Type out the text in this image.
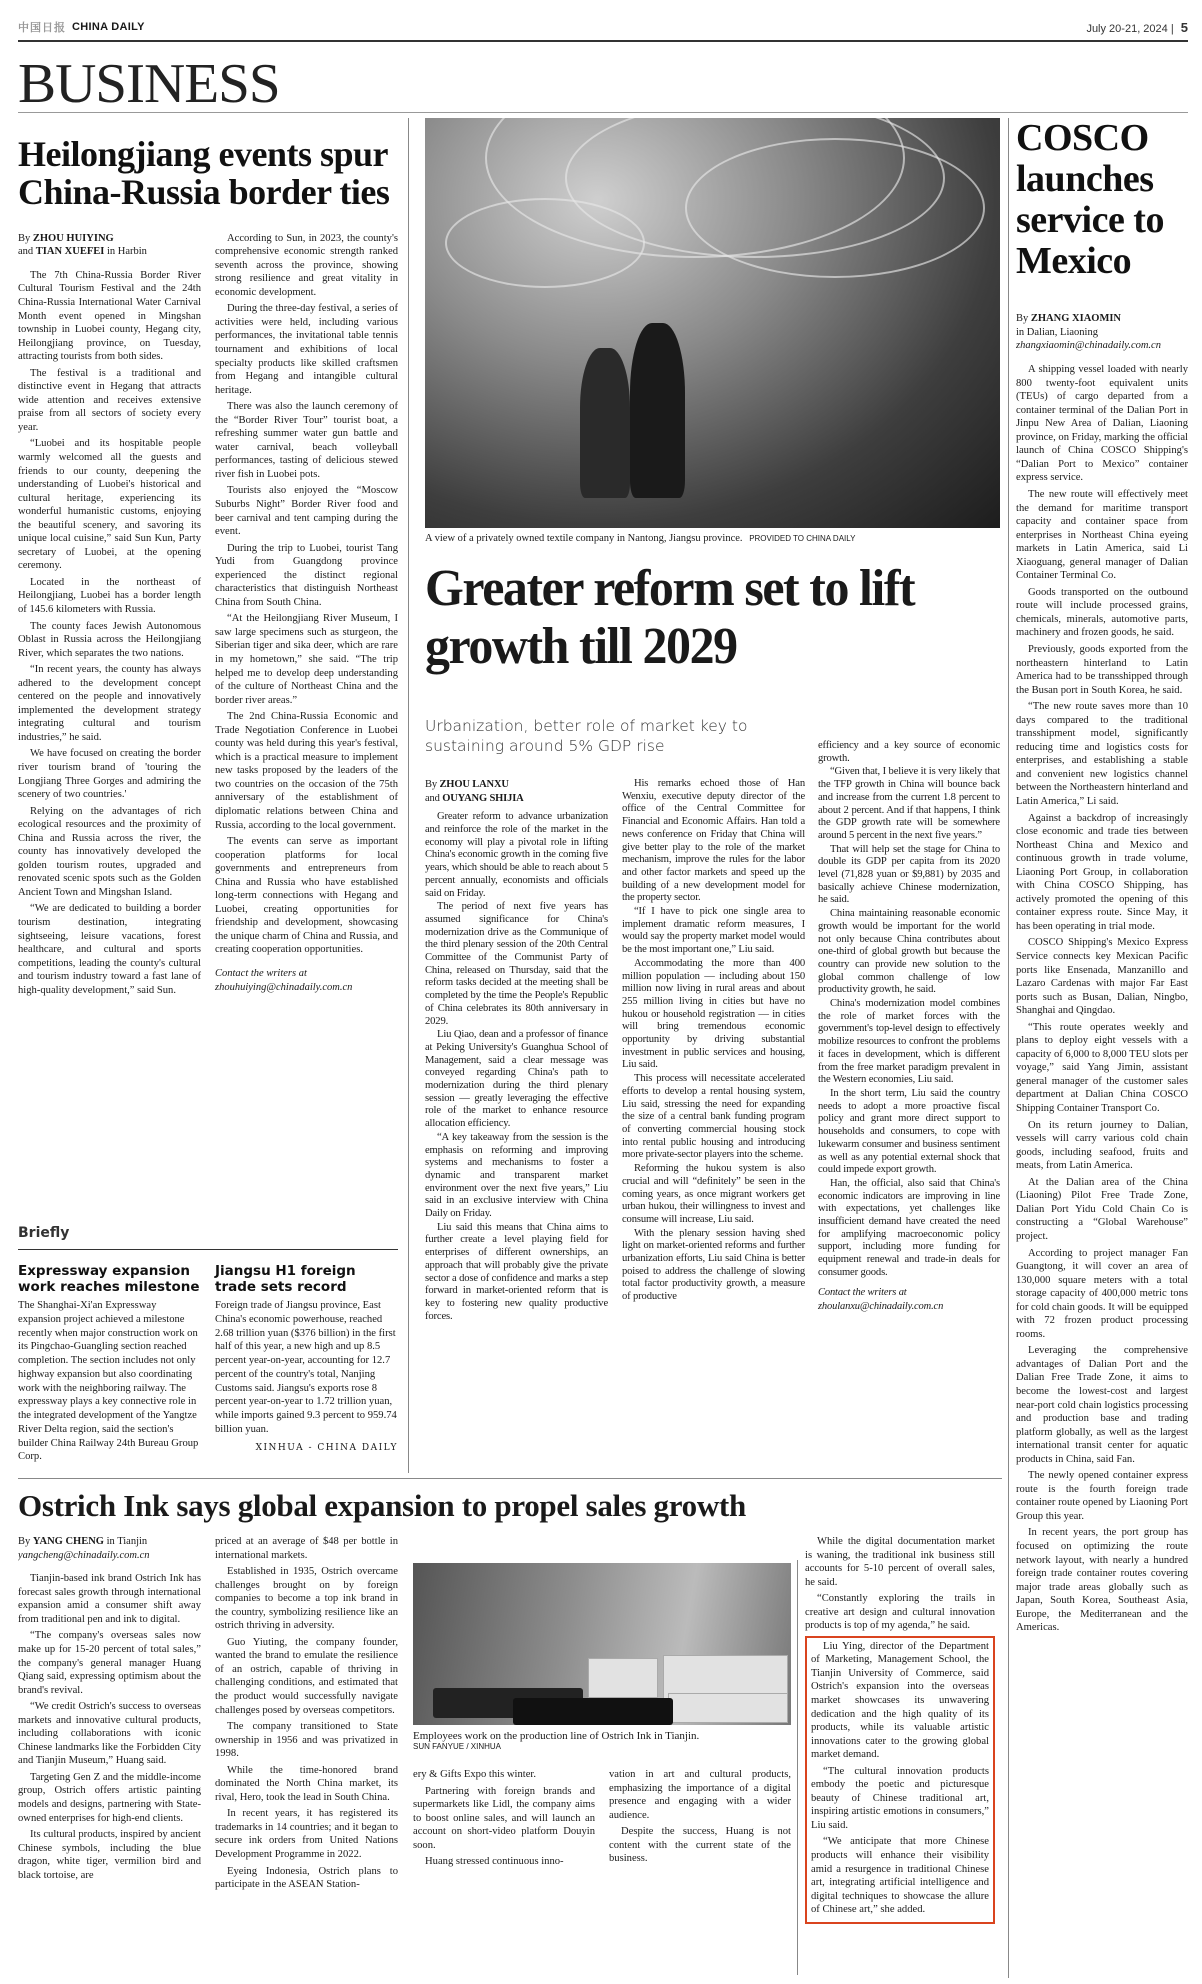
中国日报 CHINA DAILY	July 20-21, 2024 | 5
BUSINESS
Heilongjiang events spur China-Russia border ties
By ZHOU HUIYING
and TIAN XUEFEI in Harbin

The 7th China-Russia Border River Cultural Tourism Festival and the 24th China-Russia International Water Carnival Month event opened in Mingshan township in Luobei county, Hegang city, Heilongjiang province, on Tuesday, attracting tourists from both sides.

The festival is a traditional and distinctive event in Hegang that attracts wide attention and receives extensive praise from all sectors of society every year.

“Luobei and its hospitable people warmly welcomed all the guests and friends to our county, deepening the understanding of Luobei's historical and cultural heritage, experiencing its wonderful humanistic customs, enjoying the beautiful scenery, and savoring its unique local cuisine,” said Sun Kun, Party secretary of Luobei, at the opening ceremony.

Located in the northeast of Heilongjiang, Luobei has a border length of 145.6 kilometers with Russia.

The county faces Jewish Autonomous Oblast in Russia across the Heilongjiang River, which separates the two nations.

“In recent years, the county has always adhered to the development concept centered on the people and innovatively implemented the development strategy integrating cultural and tourism industries,” he said.

We have focused on creating the border river tourism brand of 'touring the Longjiang Three Gorges and admiring the scenery of two countries.'

Relying on the advantages of rich ecological resources and the proximity of China and Russia across the river, the county has innovatively developed the golden tourism routes, upgraded and renovated scenic spots such as the Golden Ancient Town and Mingshan Island.

“We are dedicated to building a border tourism destination, integrating sightseeing, leisure vacations, forest healthcare, and cultural and sports competitions, leading the county's cultural and tourism industry toward a fast lane of high-quality development,” said Sun.

According to Sun, in 2023, the county's comprehensive economic strength ranked seventh across the province, showing strong resilience and great vitality in economic development.

During the three-day festival, a series of activities were held, including various performances, the invitational table tennis tournament and exhibitions of local specialty products like skilled craftsmen from Hegang and intangible cultural heritage.

There was also the launch ceremony of the “Border River Tour” tourist boat, a refreshing summer water gun battle and water carnival, beach volleyball performances, tasting of delicious stewed river fish in Luobei pots.

Tourists also enjoyed the “Moscow Suburbs Night” Border River food and beer carnival and tent camping during the event.

During the trip to Luobei, tourist Tang Yudi from Guangdong province experienced the distinct regional characteristics that distinguish Northeast China from South China.

“At the Heilongjiang River Museum, I saw large specimens such as sturgeon, the Siberian tiger and sika deer, which are rare in my hometown,” she said. “The trip helped me to develop deep understanding of the culture of Northeast China and the border river areas.”

The 2nd China-Russia Economic and Trade Negotiation Conference in Luobei county was held during this year's festival, which is a practical measure to implement new tasks proposed by the leaders of the two countries on the occasion of the 75th anniversary of the establishment of diplomatic relations between China and Russia, according to the local government.

The events can serve as important cooperation platforms for local governments and entrepreneurs from China and Russia who have established long-term connections with Hegang and Luobei, creating opportunities for friendship and development, showcasing the unique charm of China and Russia, and creating cooperation opportunities.

Contact the writers at
zhouhuiying@chinadaily.com.cn
Briefly
Expressway expansion work reaches milestone
The Shanghai-Xi'an Expressway expansion project achieved a milestone recently when major construction work on its Pingchao-Guangling section reached completion. The section includes not only highway expansion but also coordinating work with the neighboring railway. The expressway plays a key connective role in the integrated development of the Yangtze River Delta region, said the section's builder China Railway 24th Bureau Group Corp.
Jiangsu H1 foreign trade sets record
Foreign trade of Jiangsu province, East China's economic powerhouse, reached 2.68 trillion yuan ($376 billion) in the first half of this year, a new high and up 8.5 percent year-on-year, accounting for 12.7 percent of the country's total, Nanjing Customs said. Jiangsu's exports rose 8 percent year-on-year to 1.72 trillion yuan, while imports gained 9.3 percent to 959.74 billion yuan.
XINHUA - CHINA DAILY
A view of a privately owned textile company in Nantong, Jiangsu province. PROVIDED TO CHINA DAILY
Greater reform set to lift growth till 2029
Urbanization, better role of market key to sustaining around 5% GDP rise
By ZHOU LANXU
and OUYANG SHIJIA

Greater reform to advance urbanization and reinforce the role of the market in the economy will play a pivotal role in lifting China's economic growth in the coming five years, which should be able to reach about 5 percent annually, economists and officials said on Friday.

The period of next five years has assumed significance for China's modernization drive as the Communique of the third plenary session of the 20th Central Committee of the Communist Party of China, released on Thursday, said that the reform tasks decided at the meeting shall be completed by the time the People's Republic of China celebrates its 80th anniversary in 2029.

Liu Qiao, dean and a professor of finance at Peking University's Guanghua School of Management, said a clear message was conveyed regarding China's path to modernization during the third plenary session — greatly leveraging the effective role of the market to enhance resource allocation efficiency.

“A key takeaway from the session is the emphasis on reforming and improving systems and mechanisms to foster a dynamic and transparent market environment over the next five years,” Liu said in an exclusive interview with China Daily on Friday.

Liu said this means that China aims to further create a level playing field for enterprises of different ownerships, an approach that will probably give the private sector a dose of confidence and marks a step forward in market-oriented reform that is key to fostering new quality productive forces.

His remarks echoed those of Han Wenxiu, executive deputy director of the office of the Central Committee for Financial and Economic Affairs. Han told a news conference on Friday that China will give better play to the role of the market mechanism, improve the rules for the labor and other factor markets and speed up the building of a new development model for the property sector.

“If I have to pick one single area to implement dramatic reform measures, I would say the property market model would be the most important one,” Liu said.

Accommodating the more than 400 million population — including about 150 million now living in rural areas and about 255 million living in cities but have no hukou or household registration — in cities will bring tremendous economic opportunity by driving substantial investment in public services and housing, Liu said.

This process will necessitate accelerated efforts to develop a rental housing system, Liu said, stressing the need for expanding the size of a central bank funding program of converting commercial housing stock into rental public housing and introducing more private-sector players into the scheme.

Reforming the hukou system is also crucial and will “definitely” be seen in the coming years, as once migrant workers get urban hukou, their willingness to invest and consume will increase, Liu said.

With the plenary session having shed light on market-oriented reforms and further urbanization efforts, Liu said China is better poised to address the challenge of slowing total factor productivity growth, a measure of productive

efficiency and a key source of economic growth.

“Given that, I believe it is very likely that the TFP growth in China will bounce back and increase from the current 1.8 percent to about 2 percent. And if that happens, I think the GDP growth rate will be somewhere around 5 percent in the next five years.”

That will help set the stage for China to double its GDP per capita from its 2020 level (71,828 yuan or $9,881) by 2035 and basically achieve Chinese modernization, he said.

China maintaining reasonable economic growth would be important for the world not only because China contributes about one-third of global growth but because the country can provide new solution to the global common challenge of low productivity growth, he said.

China's modernization model combines the role of market forces with the government's top-level design to effectively mobilize resources to confront the problems it faces in development, which is different from the free market paradigm prevalent in the Western economies, Liu said.

In the short term, Liu said the country needs to adopt a more proactive fiscal policy and grant more direct support to households and consumers, to cope with lukewarm consumer and business sentiment as well as any potential external shock that could impede export growth.

Han, the official, also said that China's economic indicators are improving in line with expectations, yet challenges like insufficient demand have created the need for amplifying macroeconomic policy support, including more funding for equipment renewal and trade-in deals for consumer goods.

Contact the writers at
zhoulanxu@chinadaily.com.cn
COSCO launches service to Mexico
By ZHANG XIAOMIN
in Dalian, Liaoning
zhangxiaomin@chinadaily.com.cn

A shipping vessel loaded with nearly 800 twenty-foot equivalent units (TEUs) of cargo departed from a container terminal of the Dalian Port in Jinpu New Area of Dalian, Liaoning province, on Friday, marking the official launch of China COSCO Shipping's “Dalian Port to Mexico” container express service.

The new route will effectively meet the demand for maritime transport capacity and container space from enterprises in Northeast China eyeing markets in Latin America, said Li Xiaoguang, general manager of Dalian Container Terminal Co.

Goods transported on the outbound route will include processed grains, chemicals, minerals, automotive parts, machinery and frozen goods, he said.

Previously, goods exported from the northeastern hinterland to Latin America had to be transshipped through the Busan port in South Korea, he said.

“The new route saves more than 10 days compared to the traditional transshipment model, significantly reducing time and logistics costs for enterprises, and establishing a stable and convenient new logistics channel between the Northeastern hinterland and Latin America,” Li said.

Against a backdrop of increasingly close economic and trade ties between Northeast China and Mexico and continuous growth in trade volume, Liaoning Port Group, in collaboration with China COSCO Shipping, has actively promoted the opening of this container express route. Since May, it has been operating in trial mode.

COSCO Shipping's Mexico Express Service connects key Mexican Pacific ports like Ensenada, Manzanillo and Lazaro Cardenas with major Far East ports such as Busan, Dalian, Ningbo, Shanghai and Qingdao.

“This route operates weekly and plans to deploy eight vessels with a capacity of 6,000 to 8,000 TEU slots per voyage,” said Yang Jimin, assistant general manager of the customer sales department at Dalian China COSCO Shipping Container Transport Co.

On its return journey to Dalian, vessels will carry various cold chain goods, including seafood, fruits and meats, from Latin America.

At the Dalian area of the China (Liaoning) Pilot Free Trade Zone, Dalian Port Yidu Cold Chain Co is constructing a “Global Warehouse” project.

According to project manager Fan Guangtong, it will cover an area of 130,000 square meters with a total storage capacity of 400,000 metric tons for cold chain goods. It will be equipped with 72 frozen product processing rooms.

Leveraging the comprehensive advantages of Dalian Port and the Dalian Free Trade Zone, it aims to become the lowest-cost and largest near-port cold chain logistics processing and production base and trading platform globally, as well as the largest international transit center for aquatic products in China, said Fan.

The newly opened container express route is the fourth foreign trade container route opened by Liaoning Port Group this year.

In recent years, the port group has focused on optimizing the route network layout, with nearly a hundred foreign trade container routes covering major trade areas globally such as Japan, South Korea, Southeast Asia, Europe, the Mediterranean and the Americas.

Ostrich Ink says global expansion to propel sales growth
By YANG CHENG in Tianjin
yangcheng@chinadaily.com.cn

Tianjin-based ink brand Ostrich Ink has forecast sales growth through international expansion amid a consumer shift away from traditional pen and ink to digital.

“The company's overseas sales now make up for 15-20 percent of total sales,” the company's general manager Huang Qiang said, expressing optimism about the brand's revival.

“We credit Ostrich's success to overseas markets and innovative cultural products, including collaborations with iconic Chinese landmarks like the Forbidden City and Tianjin Museum,” Huang said.

Targeting Gen Z and the middle-income group, Ostrich offers artistic painting models and designs, partnering with State-owned enterprises for high-end clients.

Its cultural products, inspired by ancient Chinese symbols, including the blue dragon, white tiger, vermilion bird and black tortoise, are

priced at an average of $48 per bottle in international markets.

Established in 1935, Ostrich overcame challenges brought on by foreign companies to become a top ink brand in the country, symbolizing resilience like an ostrich thriving in adversity.

Guo Yiuting, the company founder, wanted the brand to emulate the resilience of an ostrich, capable of thriving in challenging conditions, and estimated that the product would successfully navigate challenges posed by overseas competitors.

The company transitioned to State ownership in 1956 and was privatized in 1998.

While the time-honored brand dominated the North China market, its rival, Hero, took the lead in South China.

In recent years, it has registered its trademarks in 14 countries; and it began to secure ink orders from United Nations Development Programme in 2022.

Eyeing Indonesia, Ostrich plans to participate in the ASEAN Station-

Employees work on the production line of Ostrich Ink in Tianjin.
SUN FANYUE / XINHUA

ery & Gifts Expo this winter.

Partnering with foreign brands and supermarkets like Lidl, the company aims to boost online sales, and will launch an account on short-video platform Douyin soon.

Huang stressed continuous inno-

vation in art and cultural products, emphasizing the importance of a digital presence and engaging with a wider audience.

Despite the success, Huang is not content with the current state of the business.

While the digital documentation market is waning, the traditional ink business still accounts for 5-10 percent of overall sales, he said.

“Constantly exploring the trails in creative art design and cultural innovation products is top of my agenda,” he said.

Liu Ying, director of the Department of Marketing, Management School, the Tianjin University of Commerce, said Ostrich's expansion into the overseas market showcases its unwavering dedication and the high quality of its products, while its valuable artistic innovations cater to the growing global market demand.

“The cultural innovation products embody the poetic and picturesque beauty of Chinese traditional art, inspiring artistic emotions in consumers,” Liu said.

“We anticipate that more Chinese products will enhance their visibility amid a resurgence in traditional Chinese art, integrating artificial intelligence and digital techniques to showcase the allure of Chinese art,” she added.
